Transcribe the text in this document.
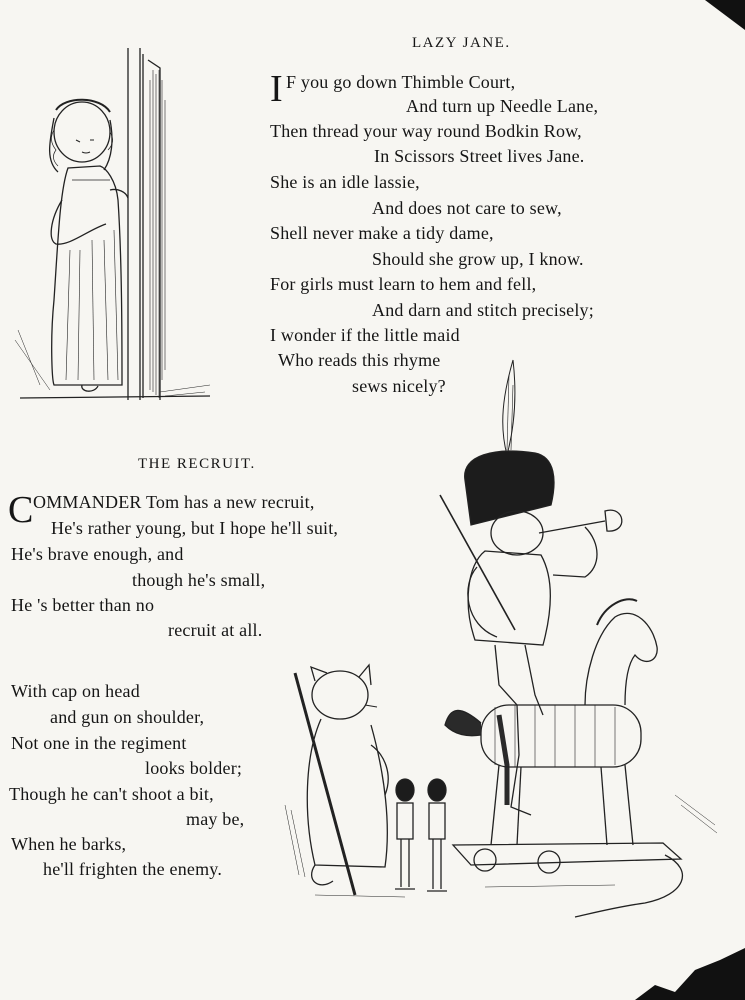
LAZY JANE.
I F you go down Thimble Court,
And turn up Needle Lane,
Then thread your way round Bodkin Row,
In Scissors Street lives Jane.
She is an idle lassie,
And does not care to sew,
Shell never make a tidy dame,
Should she grow up, I know.
For girls must learn to hem and fell,
And darn and stitch precisely;
I wonder if the little maid
Who reads this rhyme
sews nicely?
THE RECRUIT.
C OMMANDER Tom has a new recruit,
He's rather young, but I hope he'll suit,
He's brave enough, and
though he's small,
He 's better than no
recruit at all.
With cap on head
and gun on shoulder,
Not one in the regiment
looks bolder;
Though he can't shoot a bit,
may be,
When he barks,
he'll frighten the enemy.
